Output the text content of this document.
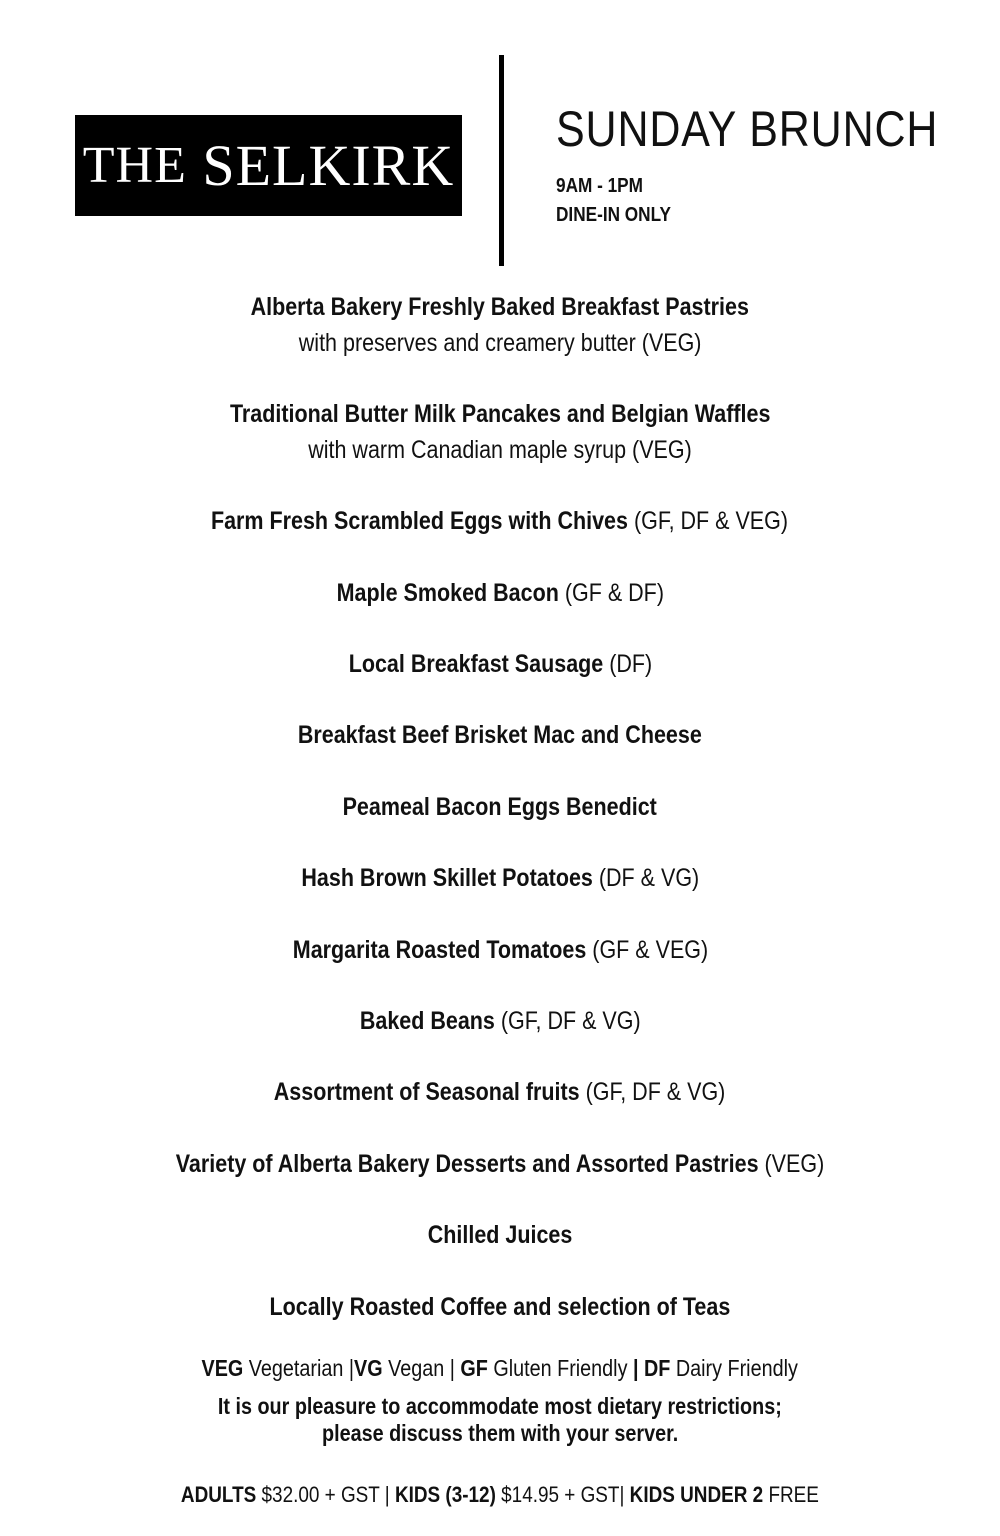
THE
SELKIRK
SUNDAY BRUNCH
9AM - 1PM
DINE-IN ONLY
Alberta Bakery Freshly Baked Breakfast Pastries
with preserves and creamery butter (VEG)
Traditional Butter Milk Pancakes and Belgian Waffles
with warm Canadian maple syrup (VEG)
Farm Fresh Scrambled Eggs with Chives (GF, DF & VEG)
Maple Smoked Bacon (GF & DF)
Local Breakfast Sausage (DF)
Breakfast Beef Brisket Mac and Cheese
Peameal Bacon Eggs Benedict
Hash Brown Skillet Potatoes (DF & VG)
Margarita Roasted Tomatoes (GF & VEG)
Baked Beans (GF, DF & VG)
Assortment of Seasonal fruits (GF, DF & VG)
Variety of Alberta Bakery Desserts and Assorted Pastries (VEG)
Chilled Juices
Locally Roasted Coffee and selection of Teas
VEG Vegetarian |VG Vegan | GF Gluten Friendly | DF Dairy Friendly
It is our pleasure to accommodate most dietary restrictions;
please discuss them with your server.
ADULTS $32.00 + GST | KIDS (3-12) $14.95 + GST| KIDS UNDER 2 FREE
